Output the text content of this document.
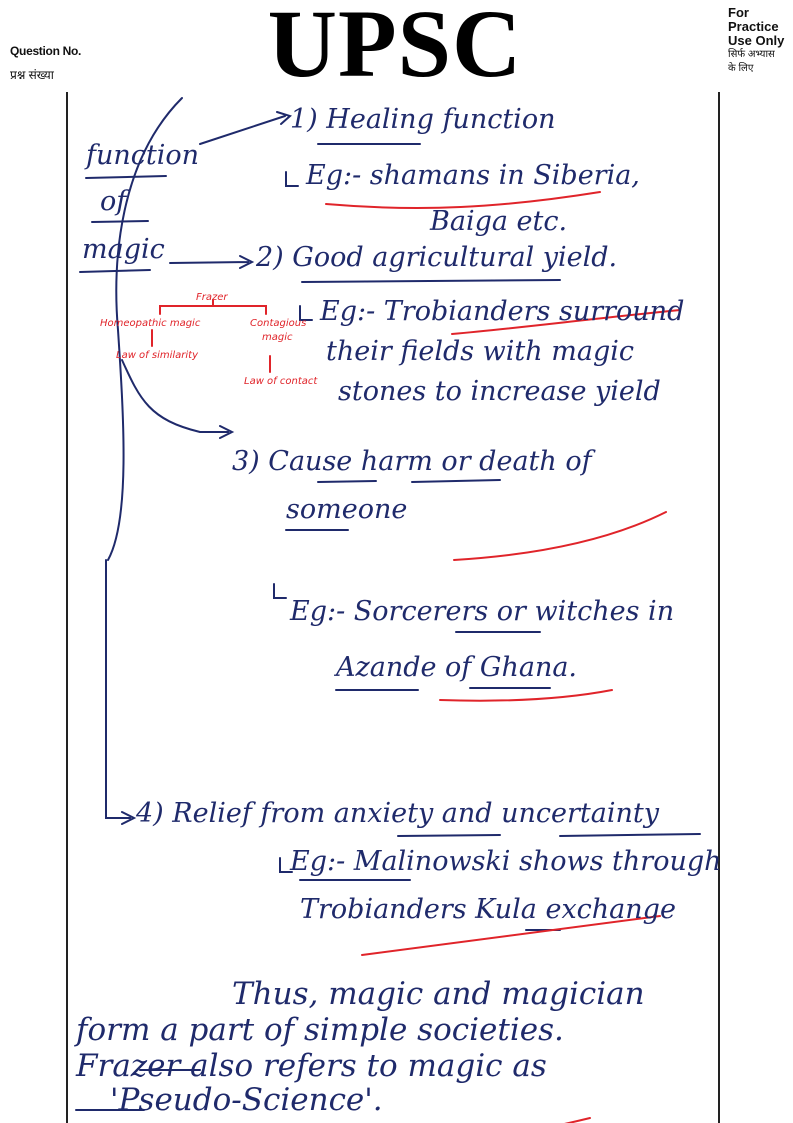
Question No.
प्रश्न संख्या	UPSC	For
Practice
Use Only
सिर्फ अभ्यास
के लिए
function
of
magic
1) Healing function
Eg:- shamans in Siberia,
Baiga etc.
2) Good agricultural yield.
Eg:- Trobianders surround
their fields with magic
stones to increase yield
Frazer
Homeopathic magic	Contagious
magic
Law of similarity
Law of contact
3) Cause harm or death of
someone
Eg:- Sorcerers or witches in
Azande of Ghana.
4) Relief from anxiety and uncertainty
Eg:- Malinowski shows through
Trobianders Kula exchange
Thus, magic and magician
form a part of simple societies.
Frazer also refers to magic as
'Pseudo-Science'.
